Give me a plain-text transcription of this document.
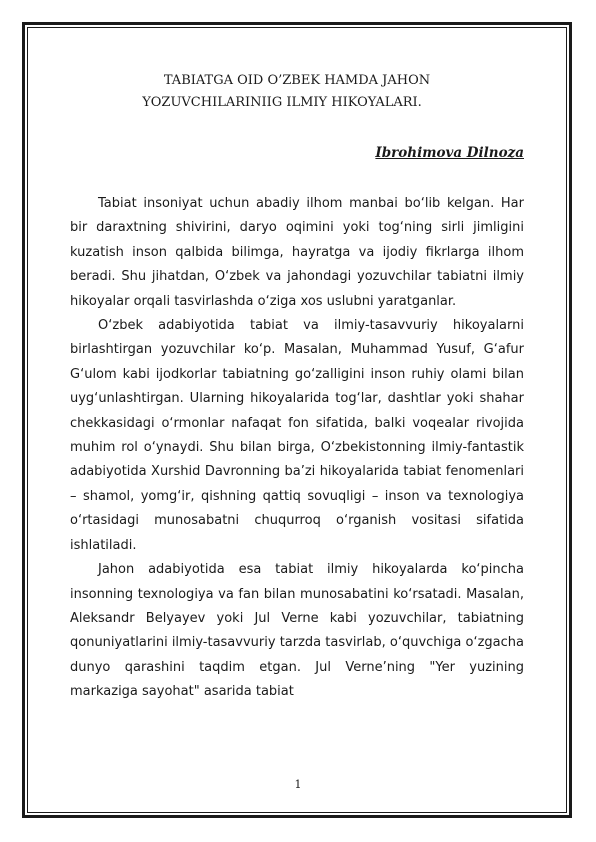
TABIATGA OID O’ZBEK HAMDA JAHON
YOZUVCHILARINIIG ILMIY HIKOYALARI.
Ibrohimova Dilnoza

Tabiat insoniyat uchun abadiy ilhom manbai bo‘lib kelgan. Har bir daraxtning shivirini, daryo oqimini yoki tog‘ning sirli jimligini kuzatish inson qalbida bilimga, hayratga va ijodiy fikrlarga ilhom beradi. Shu jihatdan, O‘zbek va jahondagi yozuvchilar tabiatni ilmiy hikoyalar orqali tasvirlashda o‘ziga xos uslubni yaratganlar.

O‘zbek adabiyotida tabiat va ilmiy-tasavvuriy hikoyalarni birlashtirgan yozuvchilar ko‘p. Masalan, Muhammad Yusuf, G‘afur G‘ulom kabi ijodkorlar tabiatning go‘zalligini inson ruhiy olami bilan uyg‘unlashtirgan. Ularning hikoyalarida tog‘lar, dashtlar yoki shahar chekkasidagi o‘rmonlar nafaqat fon sifatida, balki voqealar rivojida muhim rol o‘ynaydi. Shu bilan birga, O‘zbekistonning ilmiy-fantastik adabiyotida Xurshid Davronning ba’zi hikoyalarida tabiat fenomenlari – shamol, yomg‘ir, qishning qattiq sovuqligi – inson va texnologiya o‘rtasidagi munosabatni chuqurroq o‘rganish vositasi sifatida ishlatiladi.

Jahon adabiyotida esa tabiat ilmiy hikoyalarda ko‘pincha insonning texnologiya va fan bilan munosabatini ko‘rsatadi. Masalan, Aleksandr Belyayev yoki Jul Verne kabi yozuvchilar, tabiatning qonuniyatlarini ilmiy-tasavvuriy tarzda tasvirlab, o‘quvchiga o‘zgacha dunyo qarashini taqdim etgan. Jul Verne’ning "Yer yuzining markaziga sayohat" asarida tabiat

1
